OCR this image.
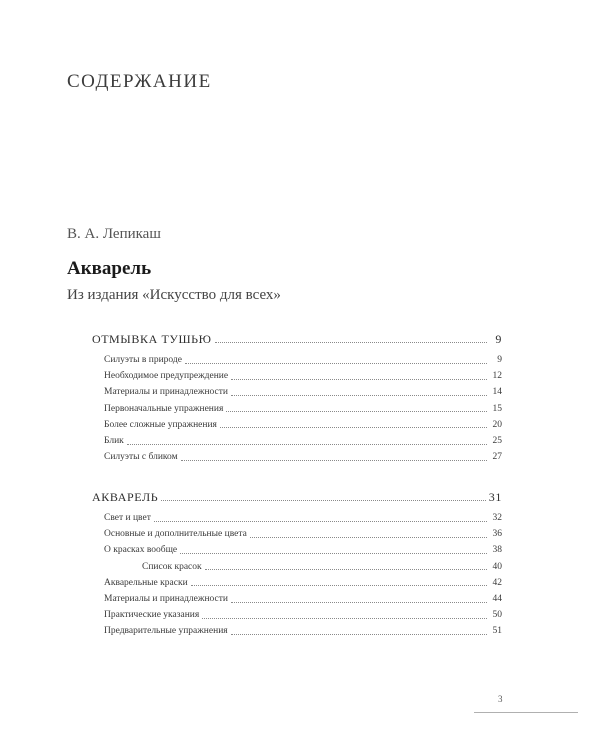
СОДЕРЖАНИЕ
В. А. Лепикаш
Акварель
Из издания «Искусство для всех»
ОТМЫВКА ТУШЬЮ	9
Силуэты в природе	9
Необходимое предупреждение	12
Материалы и принадлежности	14
Первоначальные упражнения	15
Более сложные упражнения	20
Блик	25
Силуэты с бликом	27
АКВАРЕЛЬ	31
Свет и цвет	32
Основные и дополнительные цвета	36
О красках вообще	38
Список красок	40
Акварельные краски	42
Материалы и принадлежности	44
Практические указания	50
Предварительные упражнения	51
3
